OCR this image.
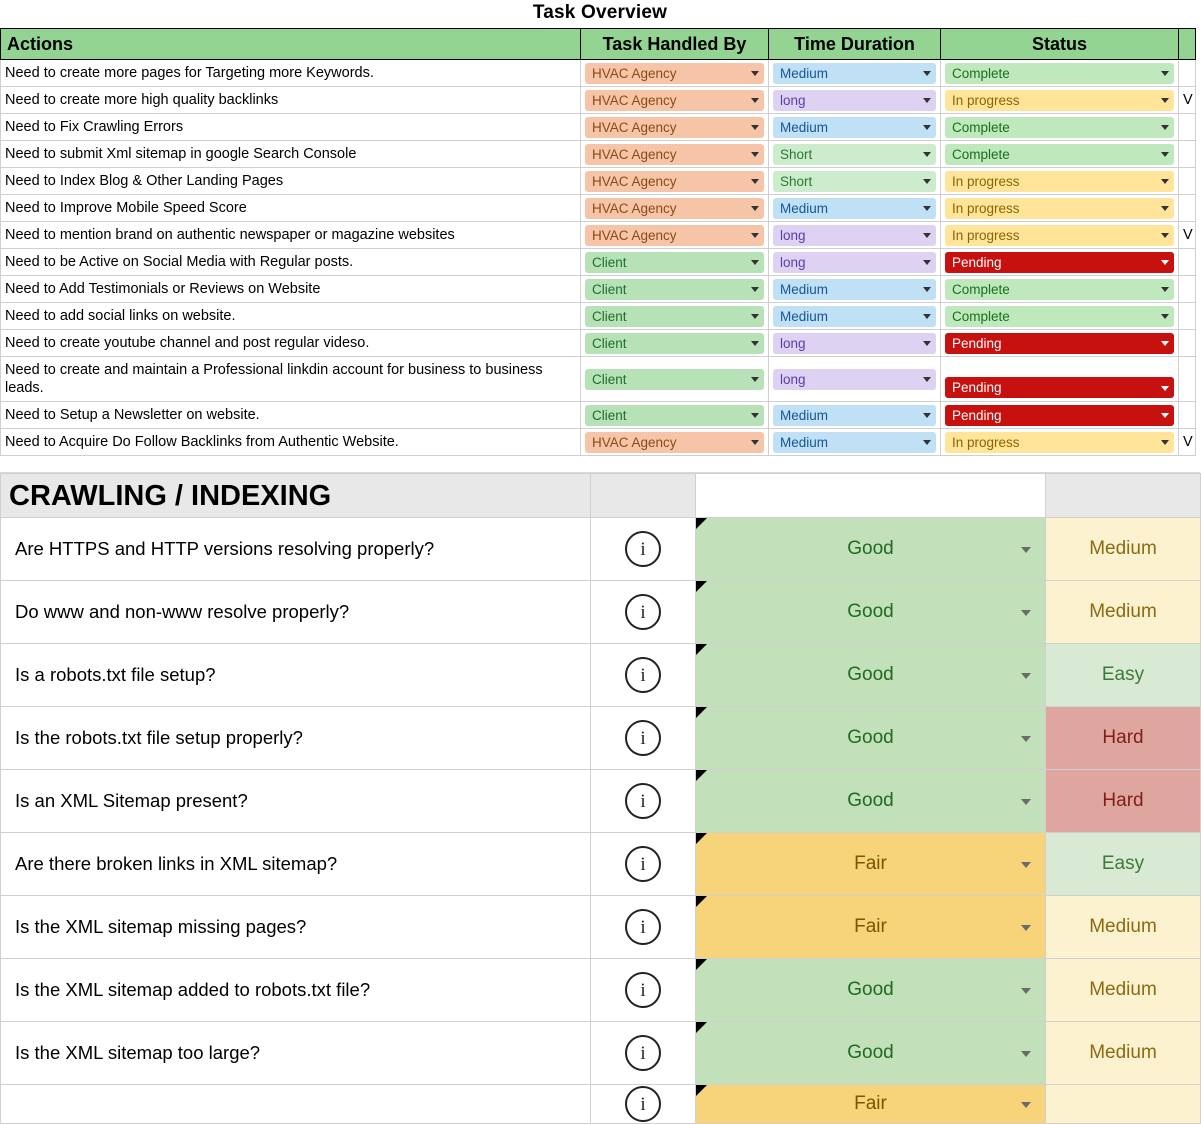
Task Overview
Actions	Task Handled By	Time Duration	Status	
Need to create more pages for Targeting more Keywords.	HVAC Agency	Medium	Complete	

Need to create more high quality backlinks	HVAC Agency	long	In progress	V
Need to Fix Crawling Errors	HVAC Agency	Medium	Complete	

Need to submit Xml sitemap in google Search Console	HVAC Agency	Short	Complete	

Need to Index Blog & Other Landing Pages	HVAC Agency	Short	In progress	

Need to Improve Mobile Speed Score	HVAC Agency	Medium	In progress	

Need to mention brand on authentic newspaper or magazine websites	HVAC Agency	long	In progress	V
Need to be Active on Social Media with Regular posts.	Client	long	Pending	

Need to Add Testimonials or Reviews on Website	Client	Medium	Complete	

Need to add social links on website.	Client	Medium	Complete	

Need to create youtube channel and post regular videso.	Client	long	Pending	

Need to create and maintain a Professional linkdin account for business to business leads.	Client	long	Pending	

Need to Setup a Newsletter on website.	Client	Medium	Pending	

Need to Acquire Do Follow Backlinks from Authentic Website.	HVAC Agency	Medium	In progress	V
CRAWLING / INDEXING			

Are HTTPS and HTTP versions resolving properly?	i	Good	Medium
Do www and non-www resolve properly?	i	Good	Medium
Is a robots.txt file setup?	i	Good	Easy
Is the robots.txt file setup properly?	i	Good	Hard
Is an XML Sitemap present?	i	Good	Hard
Are there broken links in XML sitemap?	i	Fair	Easy
Is the XML sitemap missing pages?	i	Fair	Medium
Is the XML sitemap added to robots.txt file?	i	Good	Medium
Is the XML sitemap too large?	i	Good	Medium
	i	Fair
